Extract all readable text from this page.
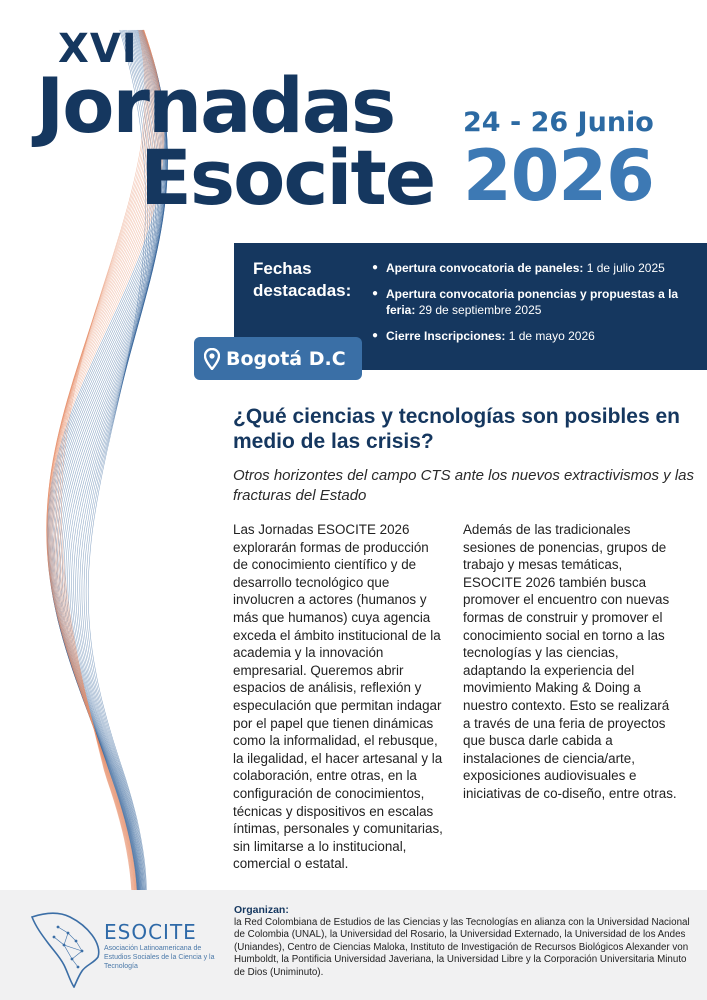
XVI
Jornadas
Esocite
24 - 26 Junio
2026
Fechas destacadas:
● Apertura convocatoria de paneles: 1 de julio 2025
● Apertura convocatoria ponencias y propuestas a la feria: 29 de septiembre 2025
● Cierre Inscripciones: 1 de mayo 2026
Bogotá D.C
¿Qué ciencias y tecnologías son posibles en medio de las crisis?
Otros horizontes del campo CTS ante los nuevos extractivismos y las fracturas del Estado

Las Jornadas ESOCITE 2026 explorarán formas de producción de conocimiento científico y de desarrollo tecnológico que involucren a actores (humanos y más que humanos) cuya agencia exceda el ámbito institucional de la academia y la innovación empresarial. Queremos abrir espacios de análisis, reflexión y especulación que permitan indagar por el papel que tienen dinámicas como la informalidad, el rebusque, la ilegalidad, el hacer artesanal y la colaboración, entre otras, en la configuración de conocimientos, técnicas y dispositivos en escalas íntimas, personales y comunitarias, sin limitarse a lo institucional, comercial o estatal.

Además de las tradicionales sesiones de ponencias, grupos de trabajo y mesas temáticas, ESOCITE 2026 también busca promover el encuentro con nuevas formas de construir y promover el conocimiento social en torno a las tecnologías y las ciencias, adaptando la experiencia del movimiento Making & Doing a nuestro contexto. Esto se realizará a través de una feria de proyectos que busca darle cabida a instalaciones de ciencia/arte, exposiciones audiovisuales e iniciativas de co-diseño, entre otras.

ESOCITE
Asociación Latinoamericana de Estudios Sociales de la Ciencia y la Tecnología
Organizan:
la Red Colombiana de Estudios de las Ciencias y las Tecnologías en alianza con la Universidad Nacional de Colombia (UNAL), la Universidad del Rosario, la Universidad Externado, la Universidad de los Andes (Uniandes), Centro de Ciencias Maloka, Instituto de Investigación de Recursos Biológicos Alexander von Humboldt, la Pontificia Universidad Javeriana, la Universidad Libre y la Corporación Universitaria Minuto de Dios (Uniminuto).
